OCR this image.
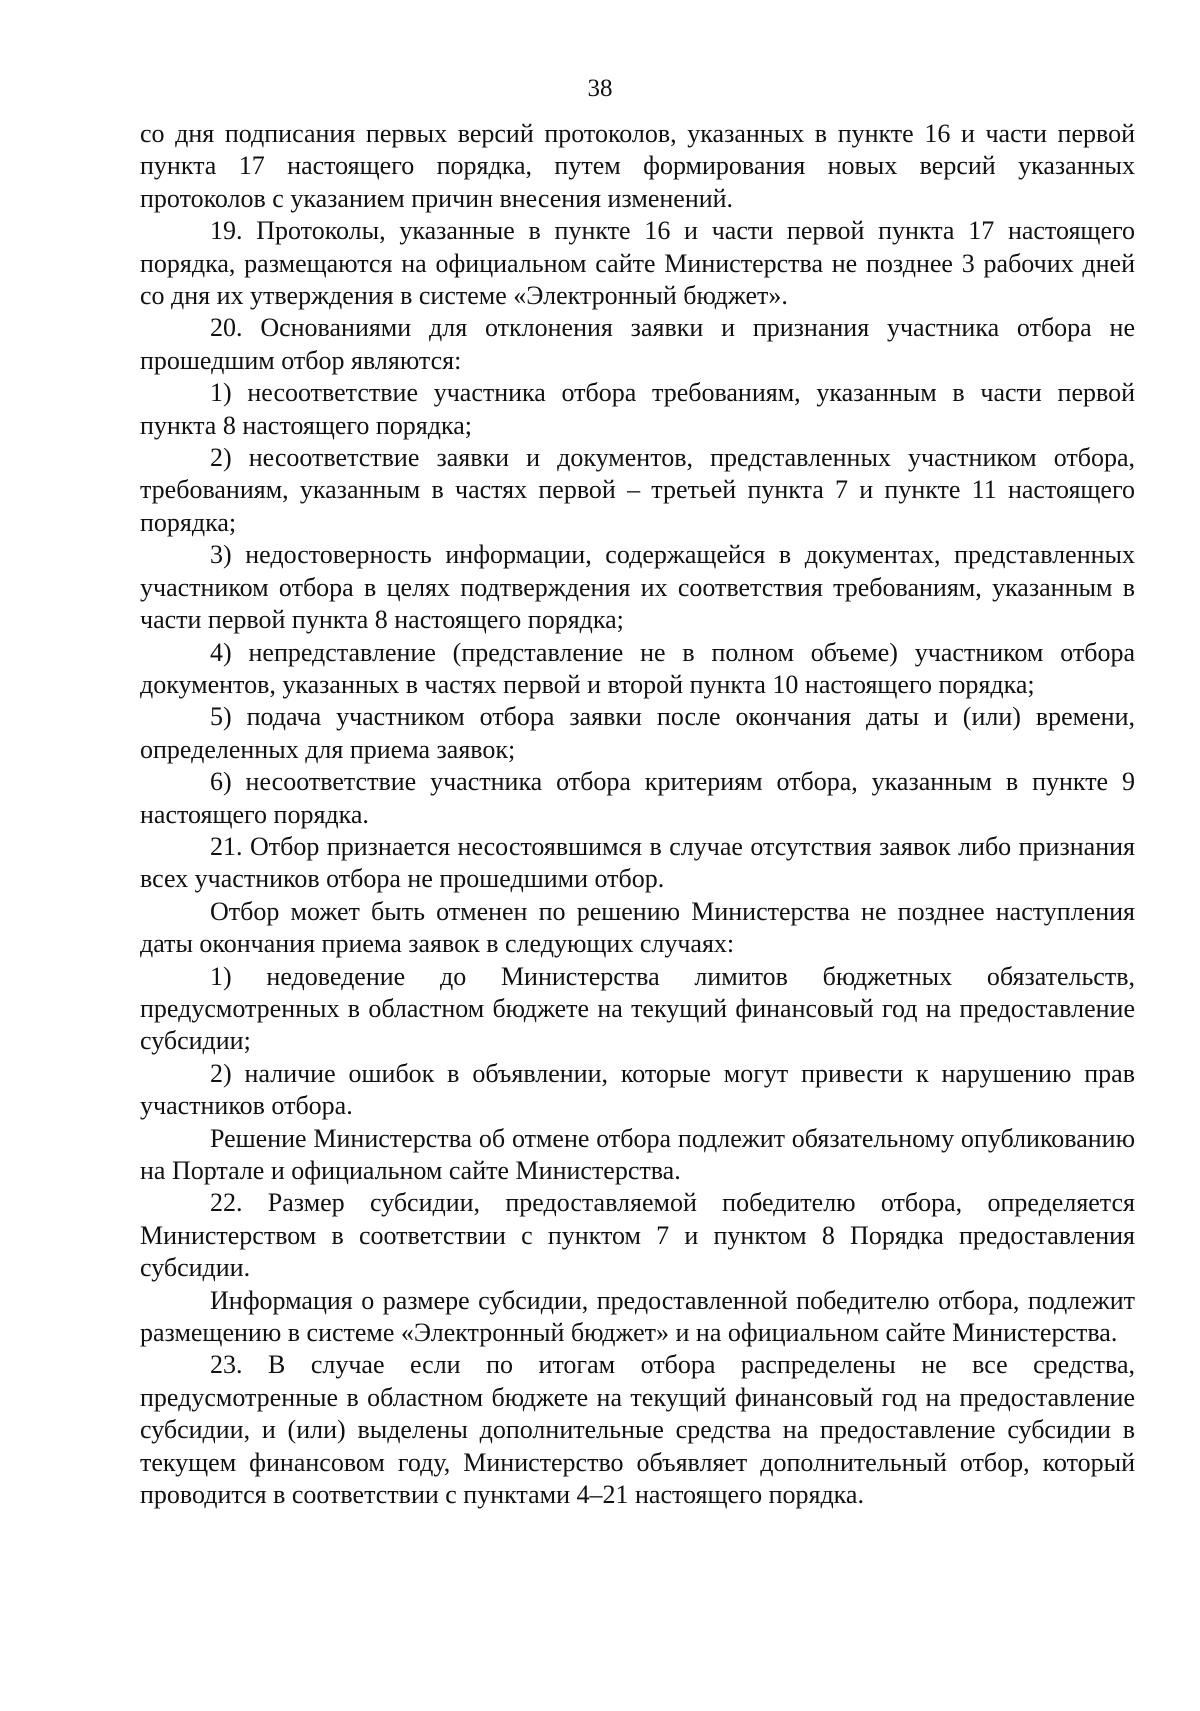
38

со дня подписания первых версий протоколов, указанных в пункте 16 и части первой пункта 17 настоящего порядка, путем формирования новых версий указанных протоколов с указанием причин внесения изменений.

19. Протоколы, указанные в пункте 16 и части первой пункта 17 настоящего порядка, размещаются на официальном сайте Министерства не позднее 3 рабочих дней со дня их утверждения в системе «Электронный бюджет».

20. Основаниями для отклонения заявки и признания участника отбора не прошедшим отбор являются:

1) несоответствие участника отбора требованиям, указанным в части первой пункта 8 настоящего порядка;

2) несоответствие заявки и документов, представленных участником отбора, требованиям, указанным в частях первой – третьей пункта 7 и пункте 11 настоящего порядка;

3) недостоверность информации, содержащейся в документах, представленных участником отбора в целях подтверждения их соответствия требованиям, указанным в части первой пункта 8 настоящего порядка;

4) непредставление (представление не в полном объеме) участником отбора документов, указанных в частях первой и второй пункта 10 настоящего порядка;

5) подача участником отбора заявки после окончания даты и (или) времени, определенных для приема заявок;

6) несоответствие участника отбора критериям отбора, указанным в пункте 9 настоящего порядка.

21. Отбор признается несостоявшимся в случае отсутствия заявок либо признания всех участников отбора не прошедшими отбор.

Отбор может быть отменен по решению Министерства не позднее наступления даты окончания приема заявок в следующих случаях:

1) недоведение до Министерства лимитов бюджетных обязательств, предусмотренных в областном бюджете на текущий финансовый год на предоставление субсидии;

2) наличие ошибок в объявлении, которые могут привести к нарушению прав участников отбора.

Решение Министерства об отмене отбора подлежит обязательному опубликованию на Портале и официальном сайте Министерства.

22. Размер субсидии, предоставляемой победителю отбора, определяется Министерством в соответствии с пунктом 7 и пунктом 8 Порядка предоставления субсидии.

Информация о размере субсидии, предоставленной победителю отбора, подлежит размещению в системе «Электронный бюджет» и на официальном сайте Министерства.

23. В случае если по итогам отбора распределены не все средства, предусмотренные в областном бюджете на текущий финансовый год на предоставление субсидии, и (или) выделены дополнительные средства на предоставление субсидии в текущем финансовом году, Министерство объявляет дополнительный отбор, который проводится в соответствии с пунктами 4–21 настоящего порядка.
